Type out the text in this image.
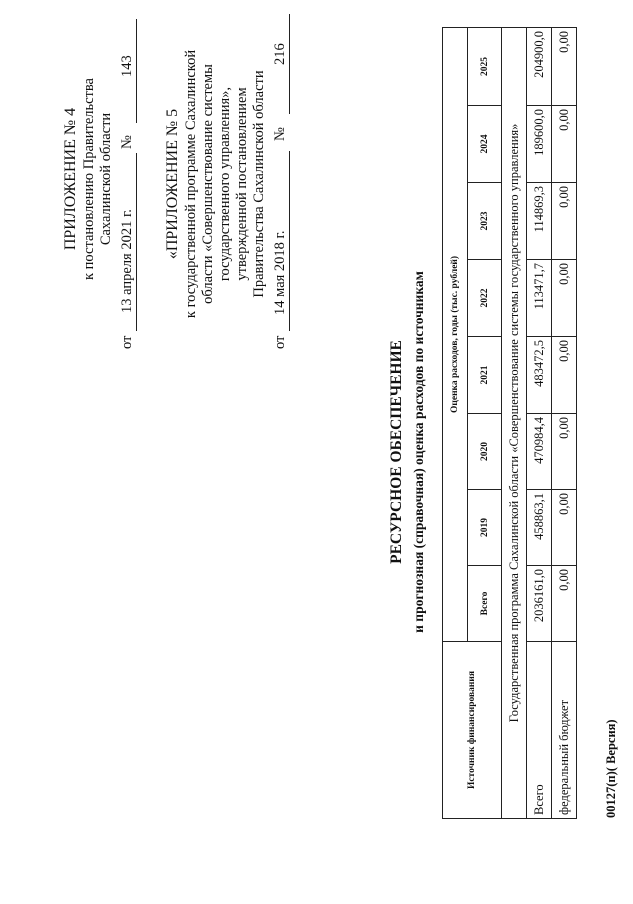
ПРИЛОЖЕНИЕ № 4 к постановлению Правительства Сахалинской области
от
13 апреля 2021 г.
№
143
«ПРИЛОЖЕНИЕ № 5 к государственной программе Сахалинской области «Совершенствование системы государственного управления», утвержденной постановлением Правительства Сахалинской области
от
14 мая 2018 г.
№
216
РЕСУРСНОЕ ОБЕСПЕЧЕНИЕ и прогнозная (справочная) оценка расходов по источникам
Источник финансирования	Оценка расходов, годы (тыс. рублей)							
	Всего	2019	2020	2021	2022	2023	2024	2025
Государственная программа Сахалинской области «Совершенствование системы государственного управления»								
Всего	2036161,0	458863,1	470984,4	483472,5	113471,7	114869,3	189600,0	204900,0
федеральный бюджет	0,00	0,00	0,00	0,00	0,00	0,00	0,00	0,00
00127(п)( Версия)
